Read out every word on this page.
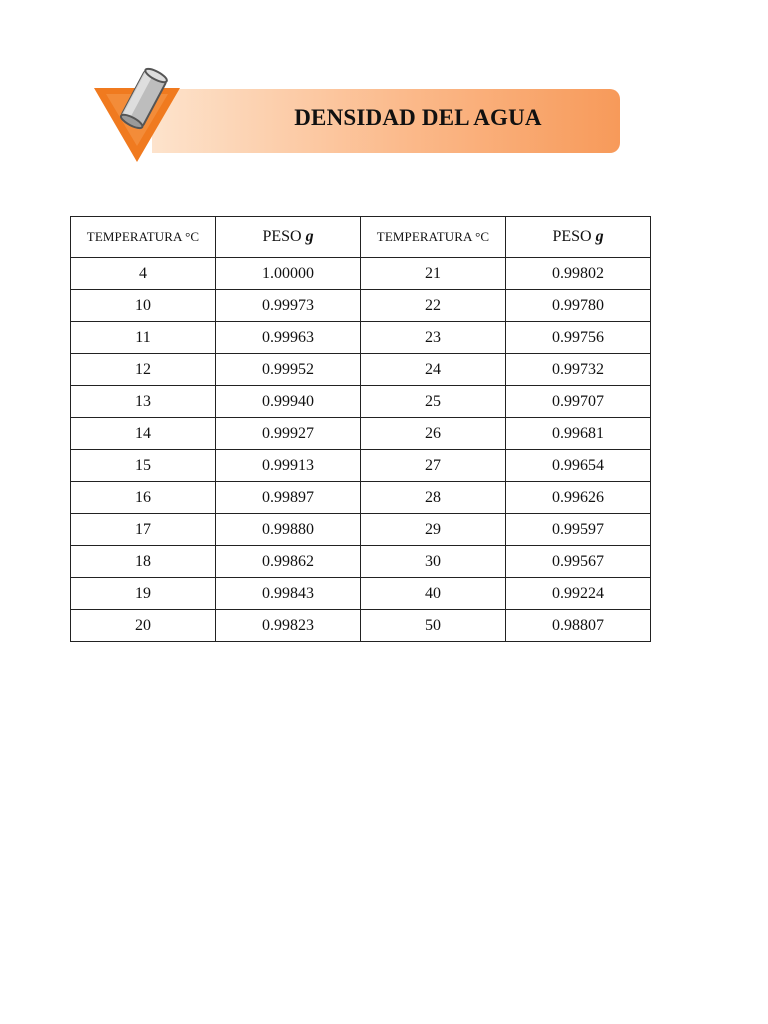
DENSIDAD DEL AGUA
TEMPERATURA °C	PESO g	TEMPERATURA °C	PESO g
4	1.00000	21	0.99802
10	0.99973	22	0.99780
11	0.99963	23	0.99756
12	0.99952	24	0.99732
13	0.99940	25	0.99707
14	0.99927	26	0.99681
15	0.99913	27	0.99654
16	0.99897	28	0.99626
17	0.99880	29	0.99597
18	0.99862	30	0.99567
19	0.99843	40	0.99224
20	0.99823	50	0.98807
